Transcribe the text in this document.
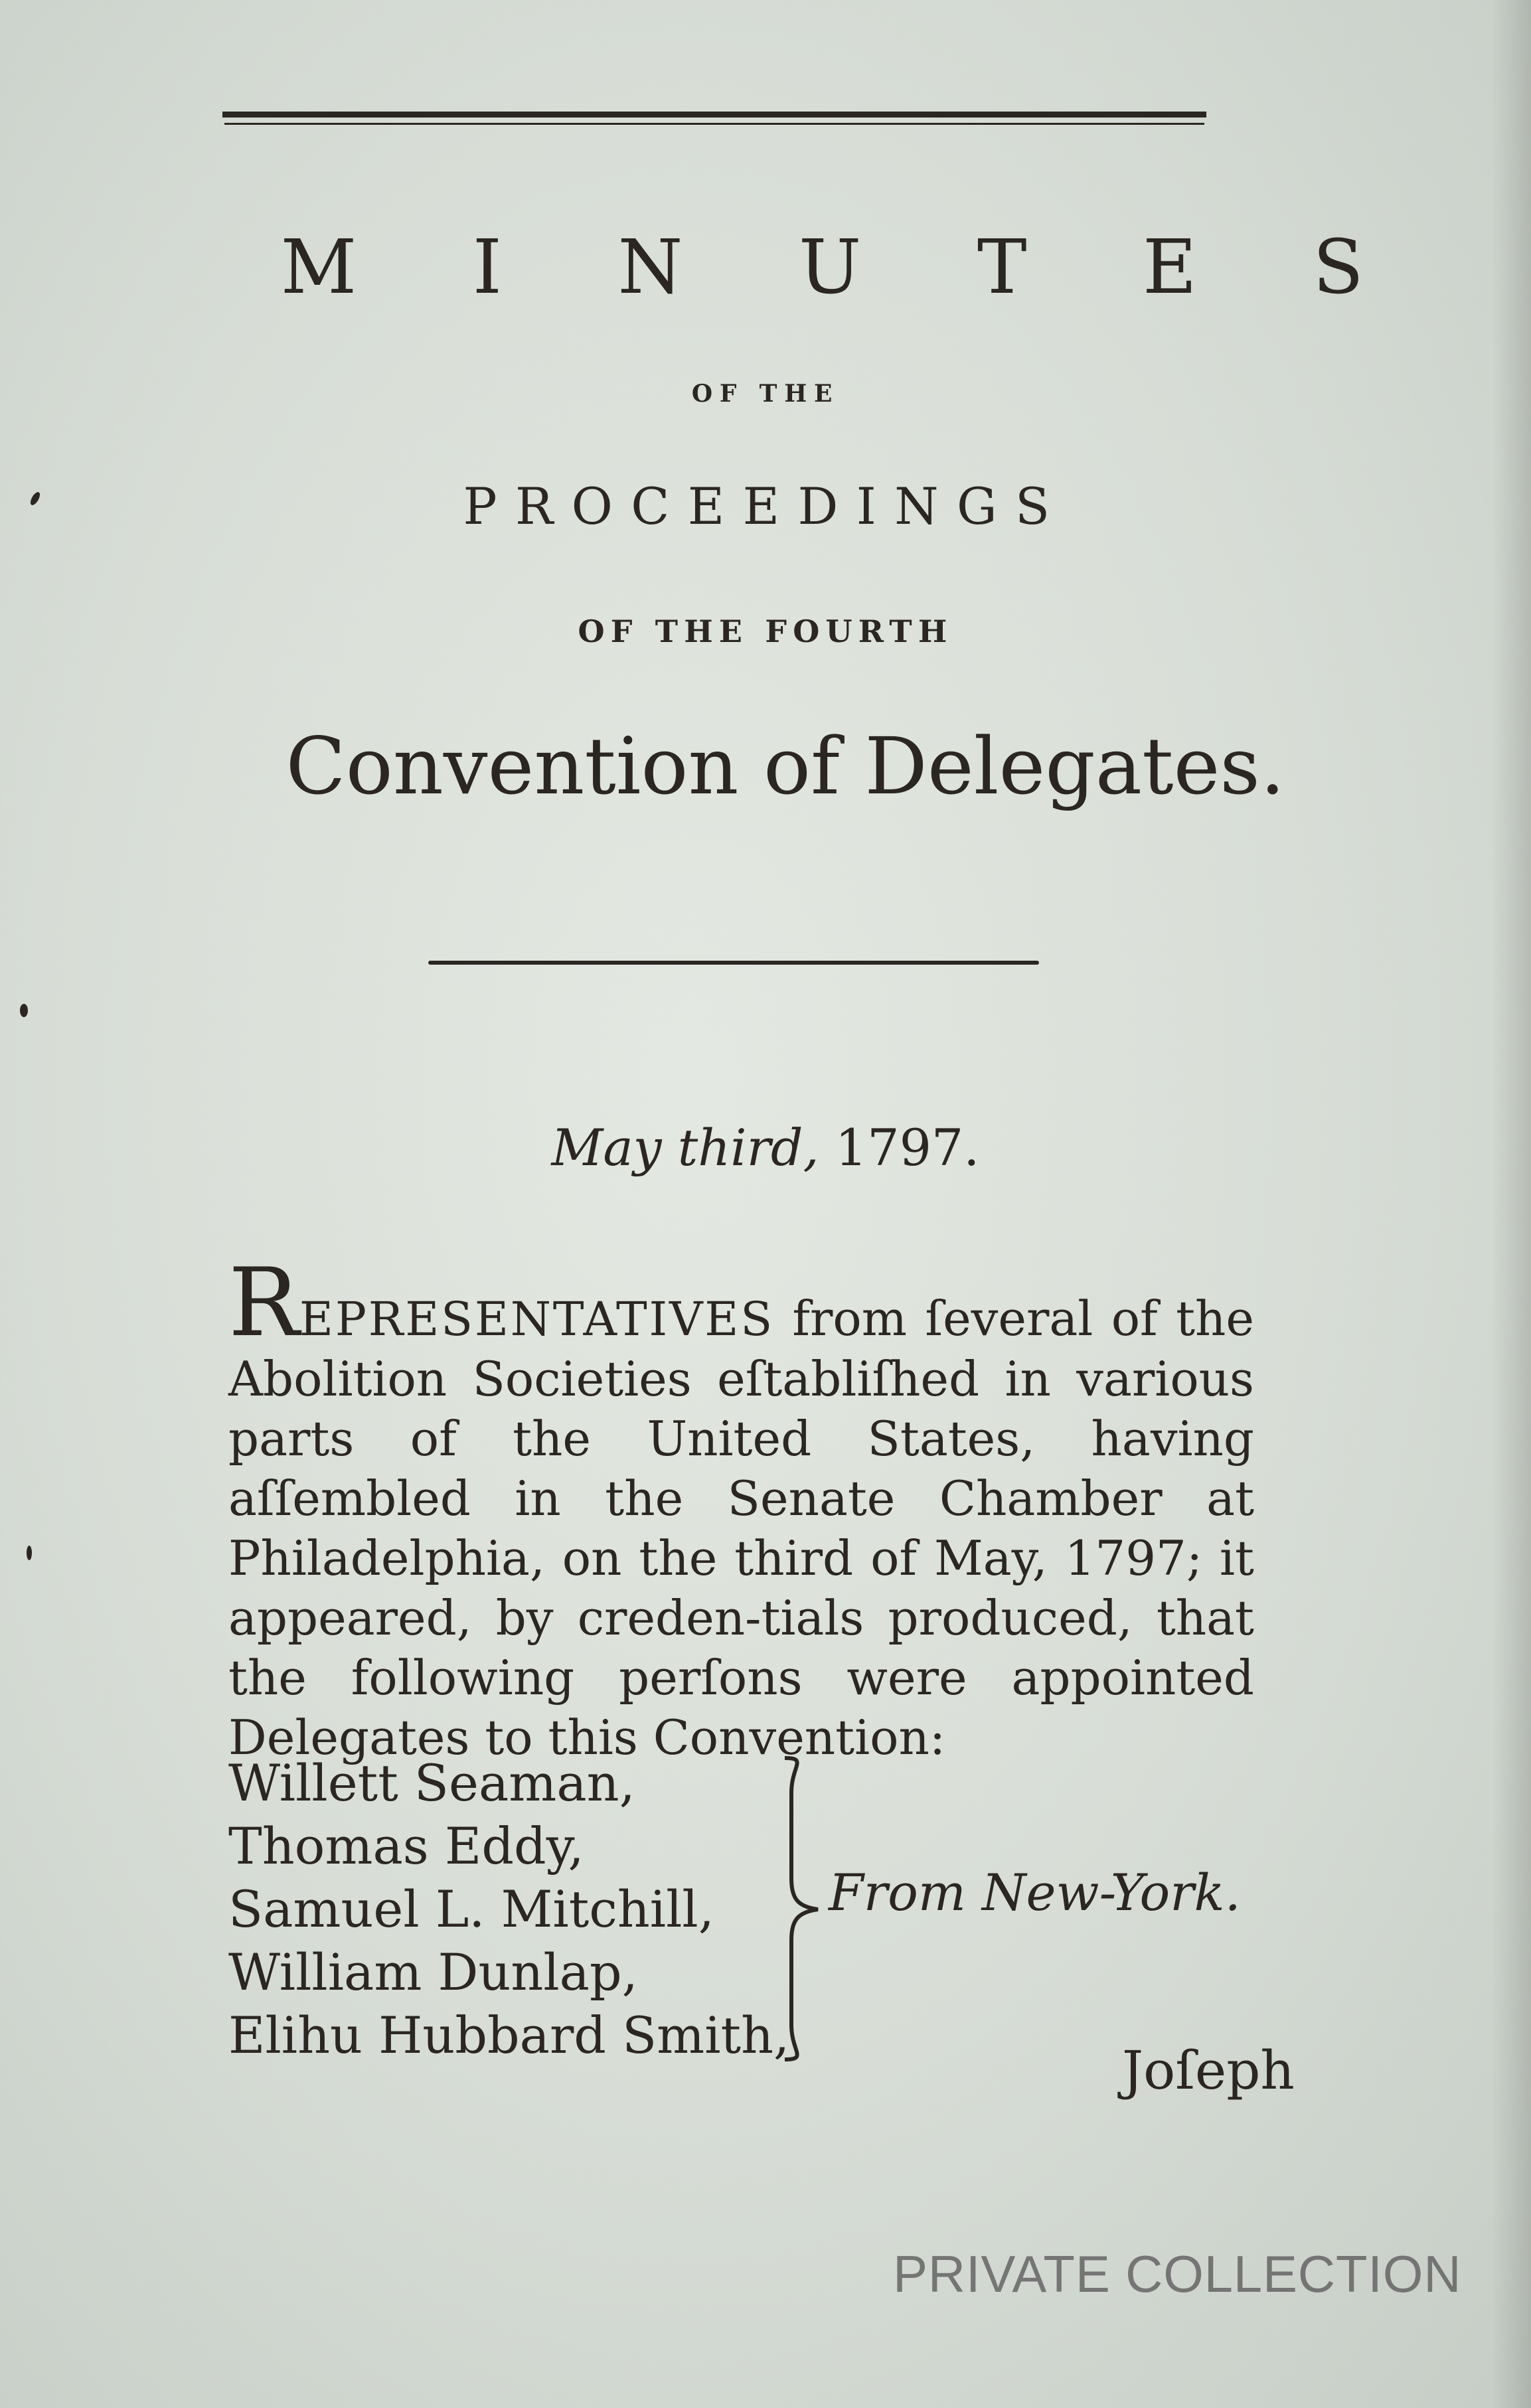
M I N U T E S
OF THE
PROCEEDINGS
OF THE FOURTH
Convention of Delegates.
May third, 1797.
REPRESENTATIVES from ſeveral of the Abolition Societies eſtabliſhed in various parts of the United States, having aſſembled in the Senate Chamber at Philadelphia, on the third of May, 1797; it appeared, by creden-tials produced, that the following perſons were appointed Delegates to this Convention:
Willett Seaman,
Thomas Eddy,
Samuel L. Mitchill,
William Dunlap,
Elihu Hubbard Smith,
From New-York.
Joſeph
PRIVATE COLLECTION
